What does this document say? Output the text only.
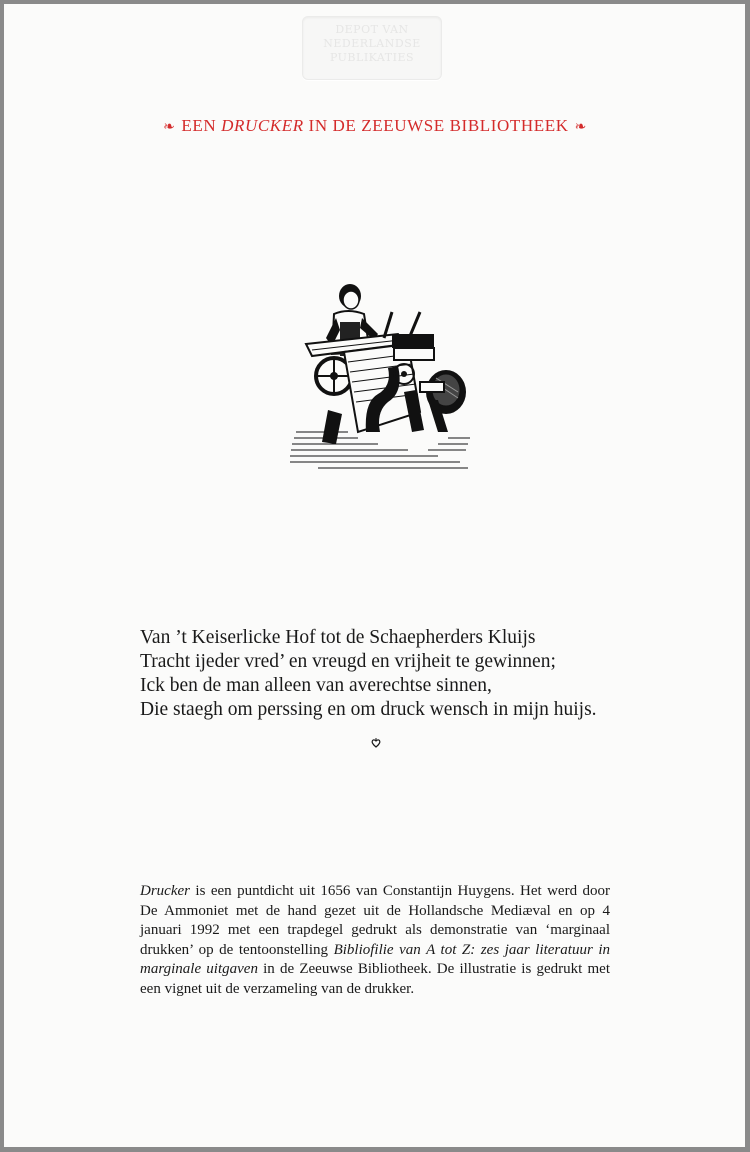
DEPOT VAN
NEDERLANDSE
PUBLIKATIES
❧ EEN DRUCKER IN DE ZEEUWSE BIBLIOTHEEK ❧
Van ’t Keiserlicke Hof tot de Schaepherders Kluijs
Tracht ijeder vred’ en vreugd en vrijheit te gewinnen;
Ick ben de man alleen van averechtse sinnen,
Die staegh om perssing en om druck wensch in mijn huijs.
Drucker is een puntdicht uit 1656 van Constantijn Huygens. Het werd door De Ammoniet met de hand gezet uit de Hollandsche Mediæval en op 4 januari 1992 met een trapdegel gedrukt als demonstratie van ‘marginaal drukken’ op de tentoonstelling Bibliofilie van A tot Z: zes jaar literatuur in marginale uitgaven in de Zeeuwse Bibliotheek. De illustratie is gedrukt met een vignet uit de verzameling van de drukker.
